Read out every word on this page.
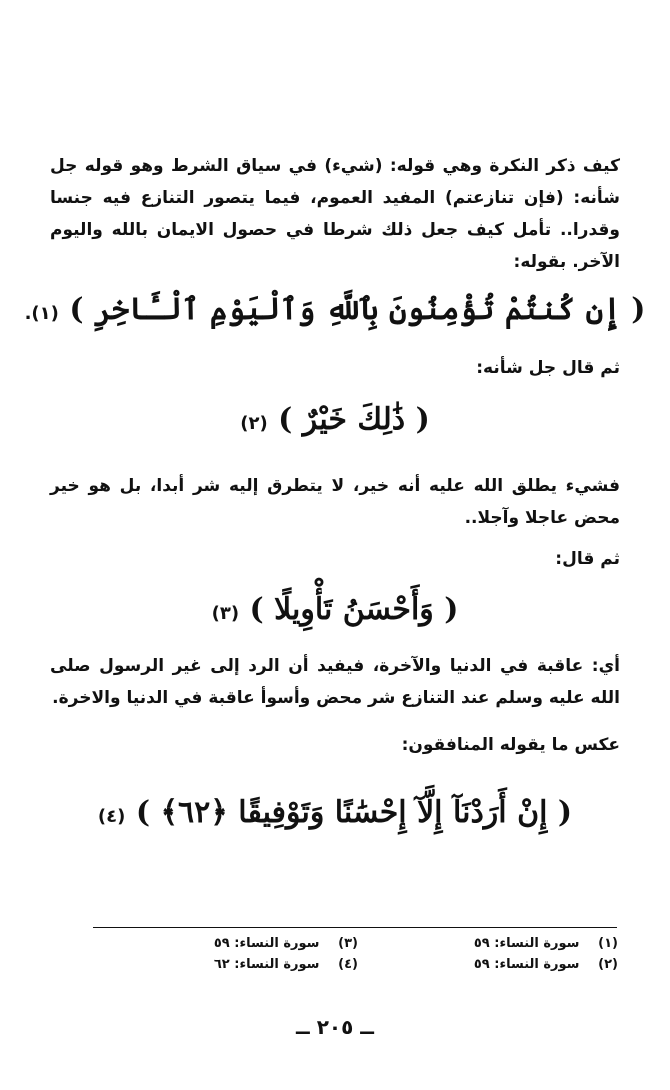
كيف ذكر النكرة وهي قوله: (شيء) في سياق الشرط وهو قوله جل شأنه: (فإن تنازعتم) المفيد العموم، فيما يتصور التنازع فيه جنسا وقدرا.. تأمل كيف جعل ذلك شرطا في حصول الايمان بالله واليوم الآخر. بقوله:
( إِن كُنتُمْ تُؤْمِنُونَ بِٱللَّهِ وَٱلْيَوْمِ ٱلْـَٔاخِرِ ) (١).
ثم قال جل شأنه:
( ذَٰلِكَ خَيْرٌ ) (٢)
فشيء يطلق الله عليه أنه خير، لا يتطرق إليه شر أبدا، بل هو خير محض عاجلا وآجلا..
ثم قال:
( وَأَحْسَنُ تَأْوِيلًا ) (٣)
أي: عاقبة في الدنيا والآخرة، فيفيد أن الرد إلى غير الرسول صلى الله عليه وسلم عند التنازع شر محض وأسوأ عاقبة في الدنيا والاخرة.
عكس ما يقوله المنافقون:
( إِنْ أَرَدْنَآ إِلَّآ إِحْسَٰنًا وَتَوْفِيقًا ﴿٦٢﴾ ) (٤)
(١) سورة النساء: ٥٩
(٢) سورة النساء: ٥٩
(٣) سورة النساء: ٥٩
(٤) سورة النساء: ٦٢
ــ ٢٠٥ ــ
